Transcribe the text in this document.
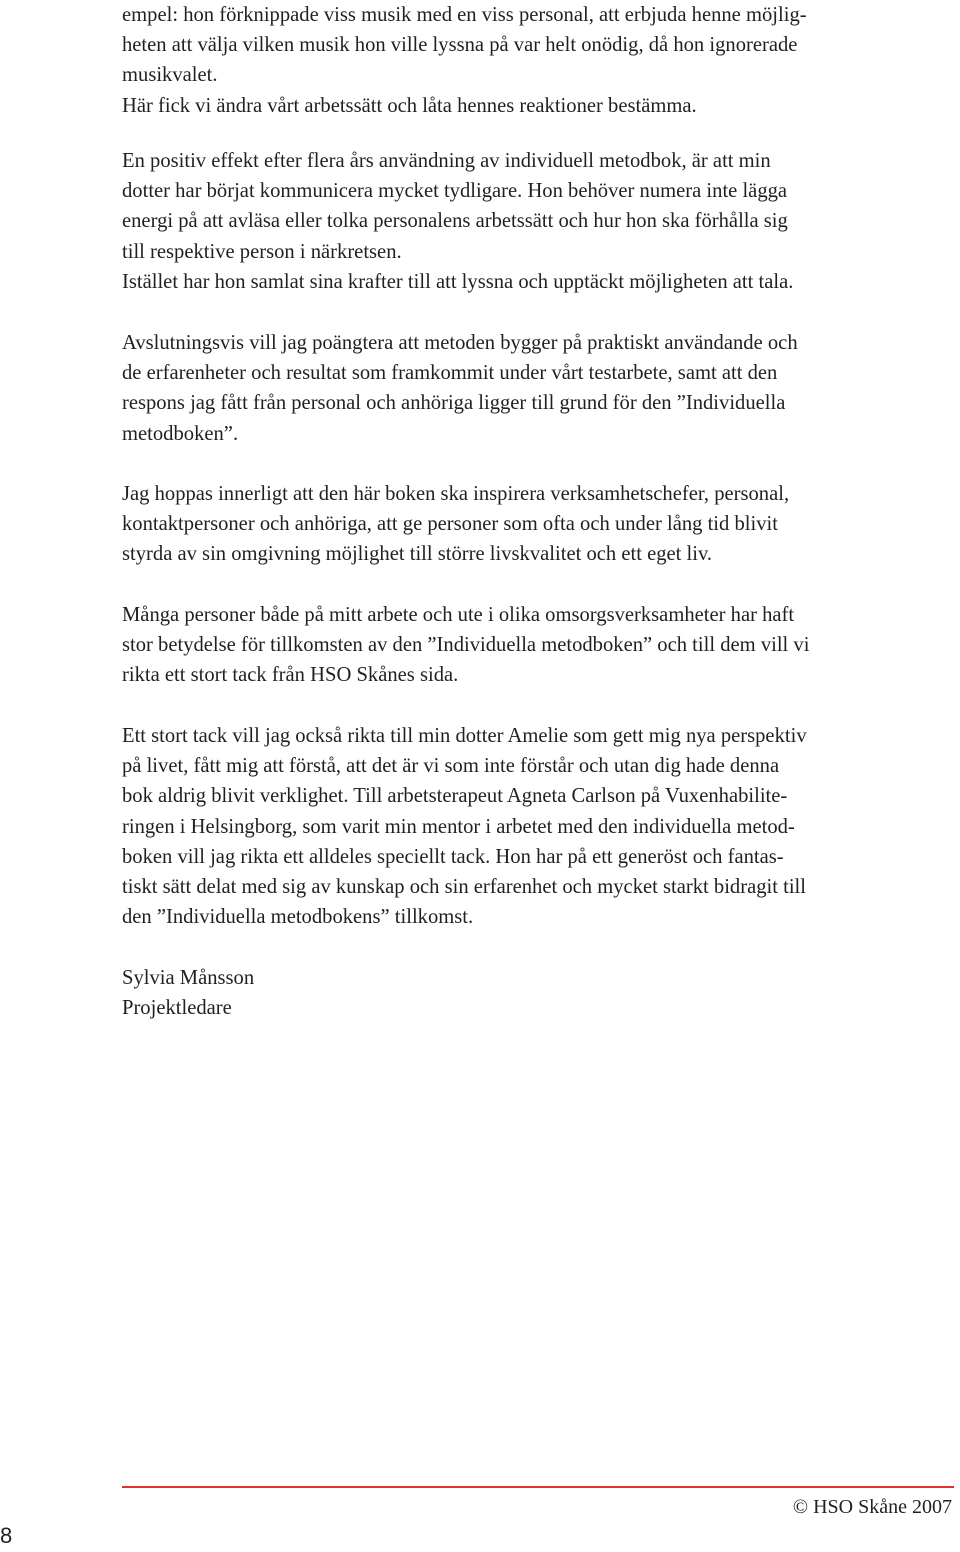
empel: hon förknippade viss musik med en viss personal, att erbjuda henne möjlig-
heten att välja vilken musik hon ville lyssna på var helt onödig, då hon ignorerade
musikvalet.
Här fick vi ändra vårt arbetssätt och låta hennes reaktioner bestämma.
En positiv effekt efter flera års användning av individuell metodbok, är att min
dotter har börjat kommunicera mycket tydligare. Hon behöver numera inte lägga
energi på att avläsa eller tolka personalens arbetssätt och hur hon ska förhålla sig
till respektive person i närkretsen.
Istället har hon samlat sina krafter till att lyssna och upptäckt möjligheten att tala.
Avslutningsvis vill jag poängtera att metoden bygger på praktiskt användande och
de erfarenheter och resultat som framkommit under vårt testarbete, samt att den
respons jag fått från personal och anhöriga ligger till grund för den ”Individuella
metodboken”.
Jag hoppas innerligt att den här boken ska inspirera verksamhetschefer, personal,
kontaktpersoner och anhöriga, att ge personer som ofta och under lång tid blivit
styrda av sin omgivning möjlighet till större livskvalitet och ett eget liv.
Många personer både på mitt arbete och ute i olika omsorgsverksamheter har haft
stor betydelse för tillkomsten av den ”Individuella metodboken” och till dem vill vi
rikta ett stort tack från HSO Skånes sida.
Ett stort tack vill jag också rikta till min dotter Amelie som gett mig nya perspektiv
på livet, fått mig att förstå, att det är vi som inte förstår och utan dig hade denna
bok aldrig blivit verklighet. Till arbetsterapeut Agneta Carlson på Vuxenhabilite-
ringen i Helsingborg, som varit min mentor i arbetet med den individuella metod-
boken vill jag rikta ett alldeles speciellt tack. Hon har på ett generöst och fantas-
tiskt sätt delat med sig av kunskap och sin erfarenhet och mycket starkt bidragit till
den ”Individuella metodbokens” tillkomst.
Sylvia Månsson
Projektledare
© HSO Skåne 2007
8
